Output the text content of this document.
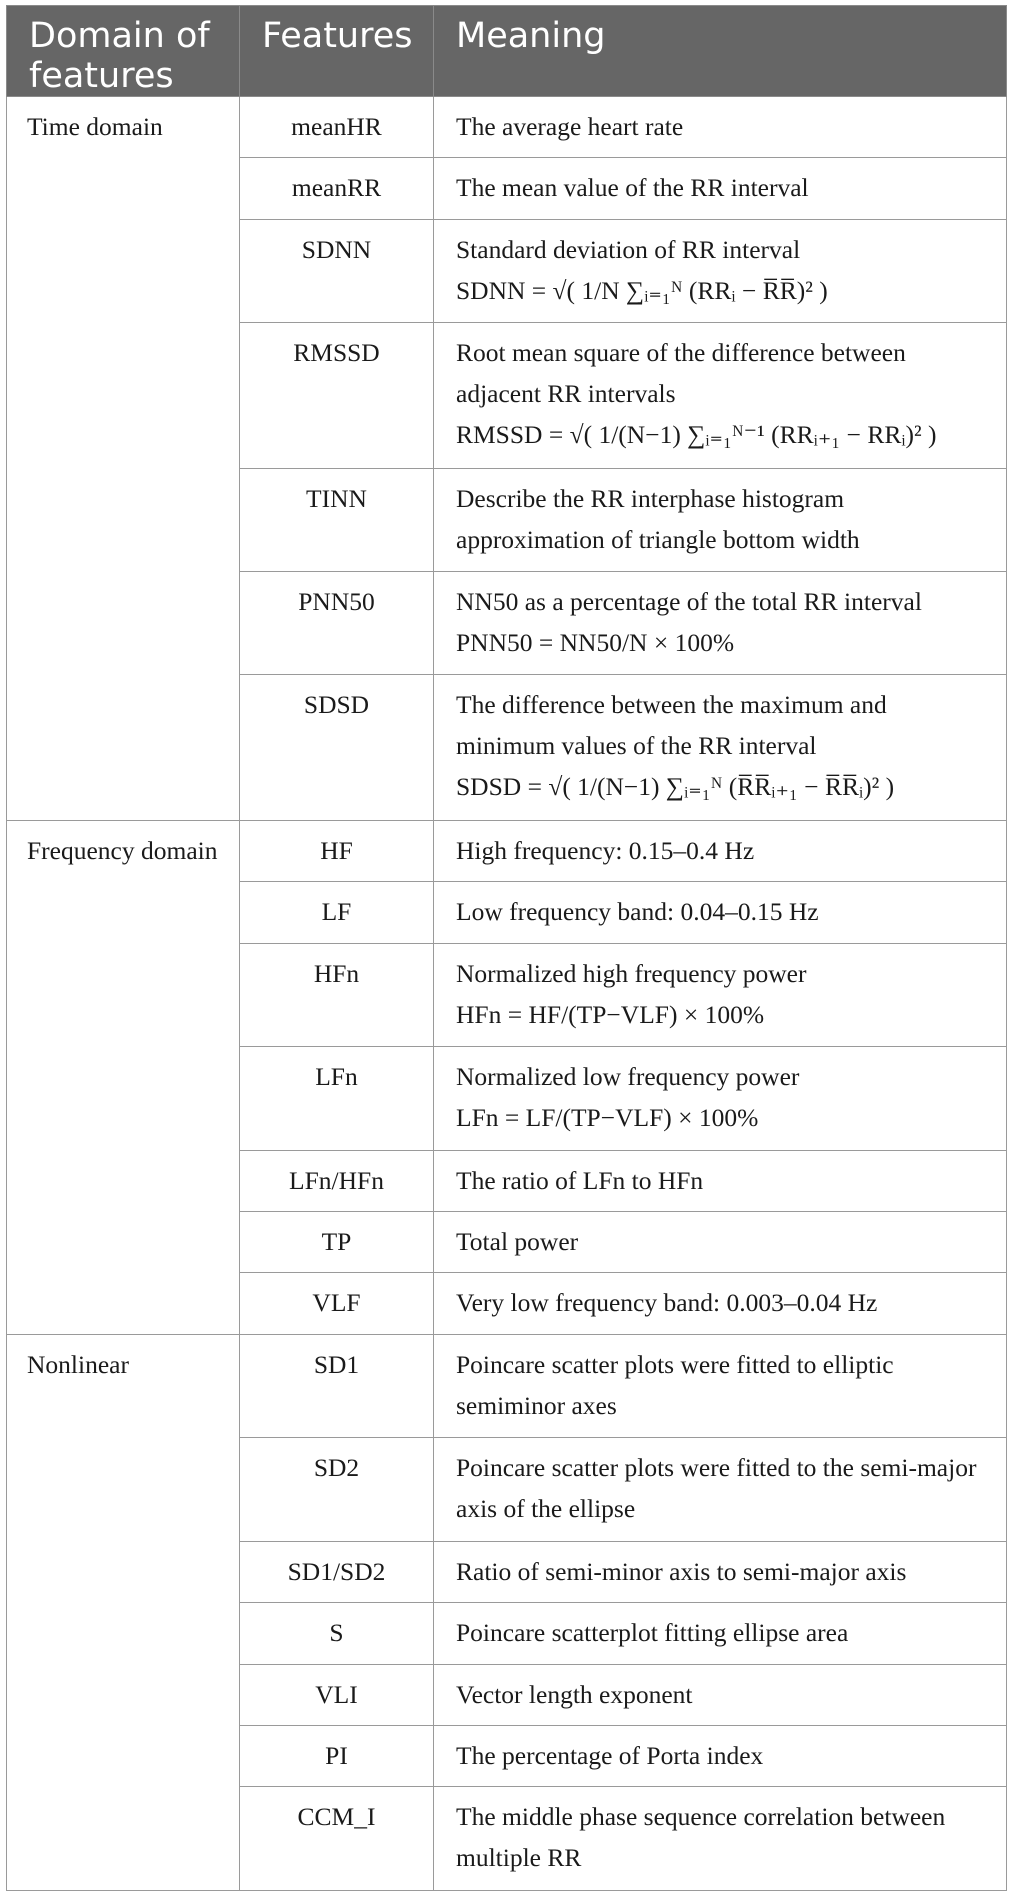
Domain of features	Features	Meaning
Time domain	meanHR	The average heart rate
	meanRR	The mean value of the RR interval
	SDNN	Standard deviation of RR interval
SDNN = √( 1/N ∑ᵢ₌₁ᴺ (RRᵢ − R̅R̅)² )

	RMSSD	Root mean square of the difference between adjacent RR intervals
RMSSD = √( 1/(N−1) ∑ᵢ₌₁ᴺ⁻¹ (RRᵢ₊₁ − RRᵢ)² )

	TINN	Describe the RR interphase histogram approximation of triangle bottom width
	PNN50	NN50 as a percentage of the total RR interval
PNN50 = NN50/N × 100%

	SDSD	The difference between the maximum and minimum values of the RR interval
SDSD = √( 1/(N−1) ∑ᵢ₌₁ᴺ (R̅R̅ᵢ₊₁ − R̅R̅ᵢ)² )

Frequency domain	HF	High frequency: 0.15–0.4 Hz
	LF	Low frequency band: 0.04–0.15 Hz
	HFn	Normalized high frequency power
HFn = HF/(TP−VLF) × 100%

	LFn	Normalized low frequency power
LFn = LF/(TP−VLF) × 100%

	LFn/HFn	The ratio of LFn to HFn
	TP	Total power
	VLF	Very low frequency band: 0.003–0.04 Hz
Nonlinear	SD1	Poincare scatter plots were fitted to elliptic semiminor axes
	SD2	Poincare scatter plots were fitted to the semi-major axis of the ellipse
	SD1/SD2	Ratio of semi-minor axis to semi-major axis
	S	Poincare scatterplot fitting ellipse area
	VLI	Vector length exponent
	PI	The percentage of Porta index
	CCM_I	The middle phase sequence correlation between multiple RR
